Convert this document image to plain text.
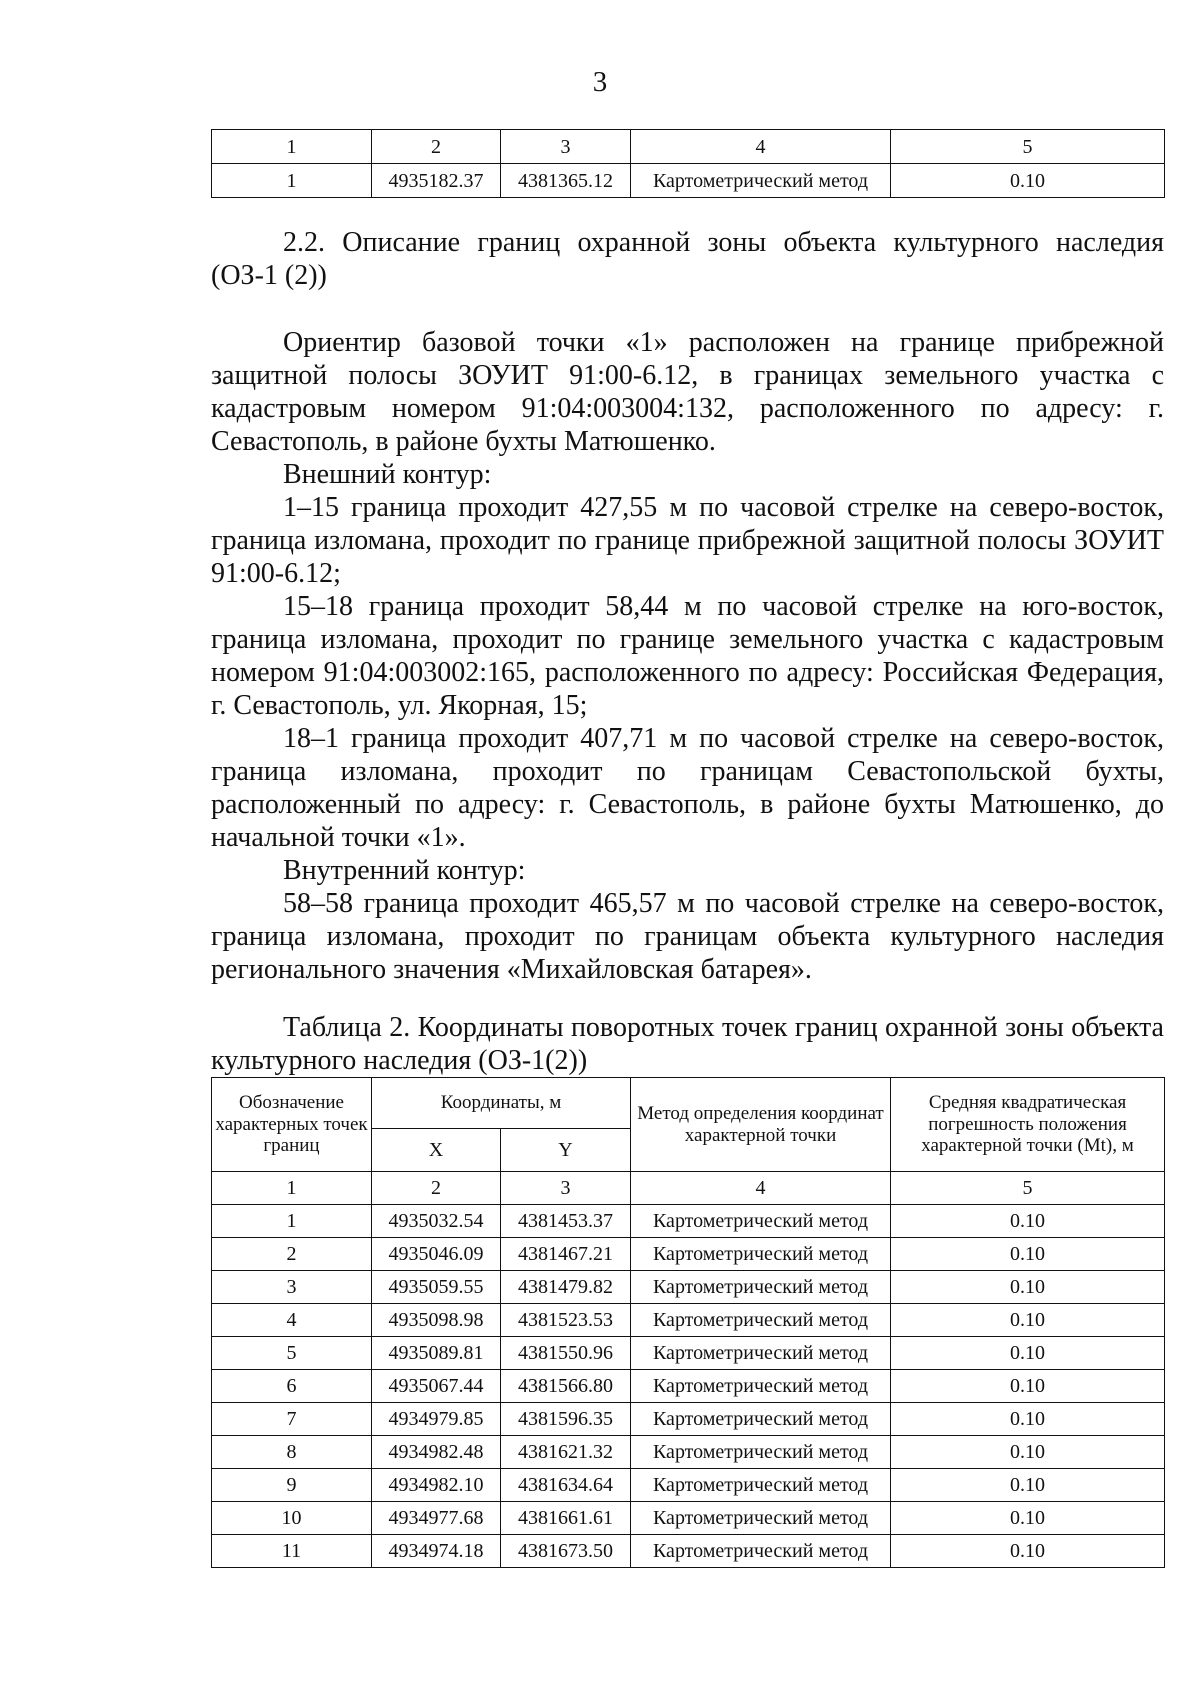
3
1	2	3	4	5
1	4935182.37	4381365.12	Картометрический метод	0.10
2.2. Описание границ охранной зоны объекта культурного наследия (ОЗ-1 (2))

Ориентир базовой точки «1» расположен на границе прибрежной защитной полосы ЗОУИТ 91:00-6.12, в границах земельного участка с кадастровым номером 91:04:003004:132, расположенного по адресу: г. Севастополь, в районе бухты Матюшенко.

Внешний контур:

1–15 граница проходит 427,55 м по часовой стрелке на северо-восток, граница изломана, проходит по границе прибрежной защитной полосы ЗОУИТ 91:00-6.12;

15–18 граница проходит 58,44 м по часовой стрелке на юго-восток, граница изломана, проходит по границе земельного участка с кадастровым номером 91:04:003002:165, расположенного по адресу: Российская Федерация, г. Севастополь, ул. Якорная, 15;

18–1 граница проходит 407,71 м по часовой стрелке на северо-восток, граница изломана, проходит по границам Севастопольской бухты, расположенный по адресу: г. Севастополь, в районе бухты Матюшенко, до начальной точки «1».

Внутренний контур:

58–58 граница проходит 465,57 м по часовой стрелке на северо-восток, граница изломана, проходит по границам объекта культурного наследия регионального значения «Михайловская батарея».

Таблица 2. Координаты поворотных точек границ охранной зоны объекта культурного наследия (ОЗ-1(2))
Обозначение характерных точек границ	Координаты, м		Метод определения координат характерной точки	Средняя квадратическая погрешность положения характерной точки (Mt), м
	X	Y		
1	2	3	4	5
1	4935032.54	4381453.37	Картометрический метод	0.10
2	4935046.09	4381467.21	Картометрический метод	0.10
3	4935059.55	4381479.82	Картометрический метод	0.10
4	4935098.98	4381523.53	Картометрический метод	0.10
5	4935089.81	4381550.96	Картометрический метод	0.10
6	4935067.44	4381566.80	Картометрический метод	0.10
7	4934979.85	4381596.35	Картометрический метод	0.10
8	4934982.48	4381621.32	Картометрический метод	0.10
9	4934982.10	4381634.64	Картометрический метод	0.10
10	4934977.68	4381661.61	Картометрический метод	0.10
11	4934974.18	4381673.50	Картометрический метод	0.10
